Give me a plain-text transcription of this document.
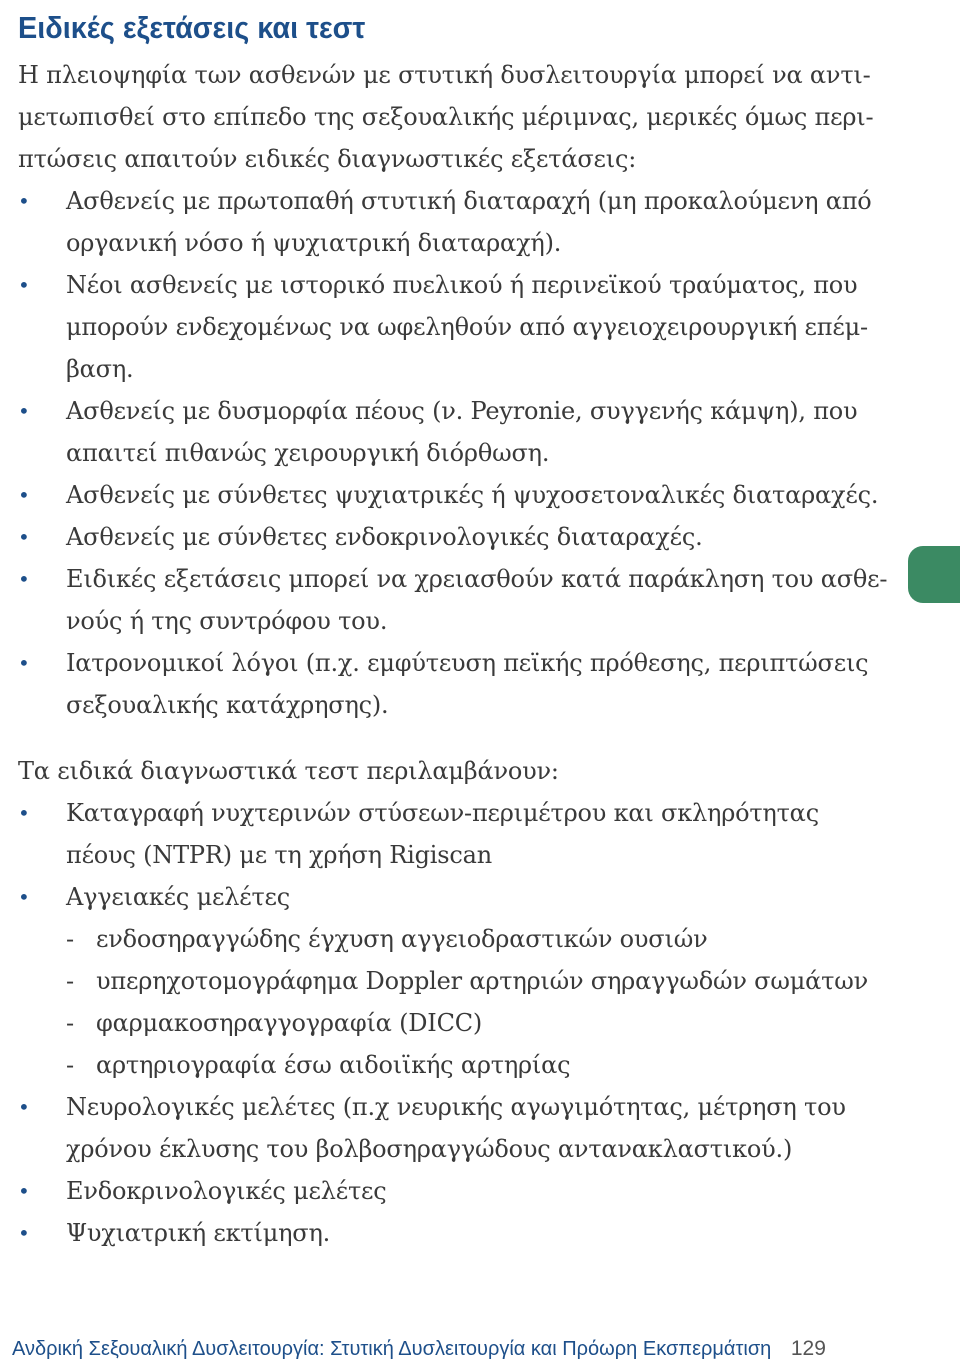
Ειδικές εξετάσεις και τεστ
Η πλειοψηφία των ασθενών με στυτική δυσλειτουργία μπορεί να αντι-
μετωπισθεί στο επίπεδο της σεξουαλικής μέριμνας, μερικές όμως περι-
πτώσεις απαιτούν ειδικές διαγνωστικές εξετάσεις:
• Ασθενείς με πρωτοπαθή στυτική διαταραχή (μη προκαλούμενη από
οργανική νόσο ή ψυχιατρική διαταραχή).
• Νέοι ασθενείς με ιστορικό πυελικού ή περινεϊκού τραύματος, που
μπορούν ενδεχομένως να ωφεληθούν από αγγειοχειρουργική επέμ-
βαση.
• Ασθενείς με δυσμορφία πέους (ν. Peyronie, συγγενής κάμψη), που
απαιτεί πιθανώς χειρουργική διόρθωση.
• Ασθενείς με σύνθετες ψυχιατρικές ή ψυχοσετοναλικές διαταραχές.
• Ασθενείς με σύνθετες ενδοκρινολογικές διαταραχές.
• Ειδικές εξετάσεις μπορεί να χρειασθούν κατά παράκληση του ασθε-
νούς ή της συντρόφου του.
• Ιατρονομικοί λόγοι (π.χ. εμφύτευση πεϊκής πρόθεσης, περιπτώσεις
σεξουαλικής κατάχρησης).
Τα ειδικά διαγνωστικά τεστ περιλαμβάνουν:
• Καταγραφή νυχτερινών στύσεων-περιμέτρου και σκληρότητας
πέους (NTPR) με τη χρήση Rigiscan
• Αγγειακές μελέτες
- ενδοσηραγγώδης έγχυση αγγειοδραστικών ουσιών
- υπερηχοτομογράφημα Doppler αρτηριών σηραγγωδών σωμάτων
- φαρμακοσηραγγογραφία (DICC)
- αρτηριογραφία έσω αιδοιϊκής αρτηρίας
• Νευρολογικές μελέτες (π.χ νευρικής αγωγιμότητας, μέτρηση του
χρόνου έκλυσης του βολβοσηραγγώδους αντανακλαστικού.)
• Ενδοκρινολογικές μελέτες
• Ψυχιατρική εκτίμηση.
Ανδρική Σεξουαλική Δυσλειτουργία: Στυτική Δυσλειτουργία και Πρόωρη Εκσπερμάτιση 129
